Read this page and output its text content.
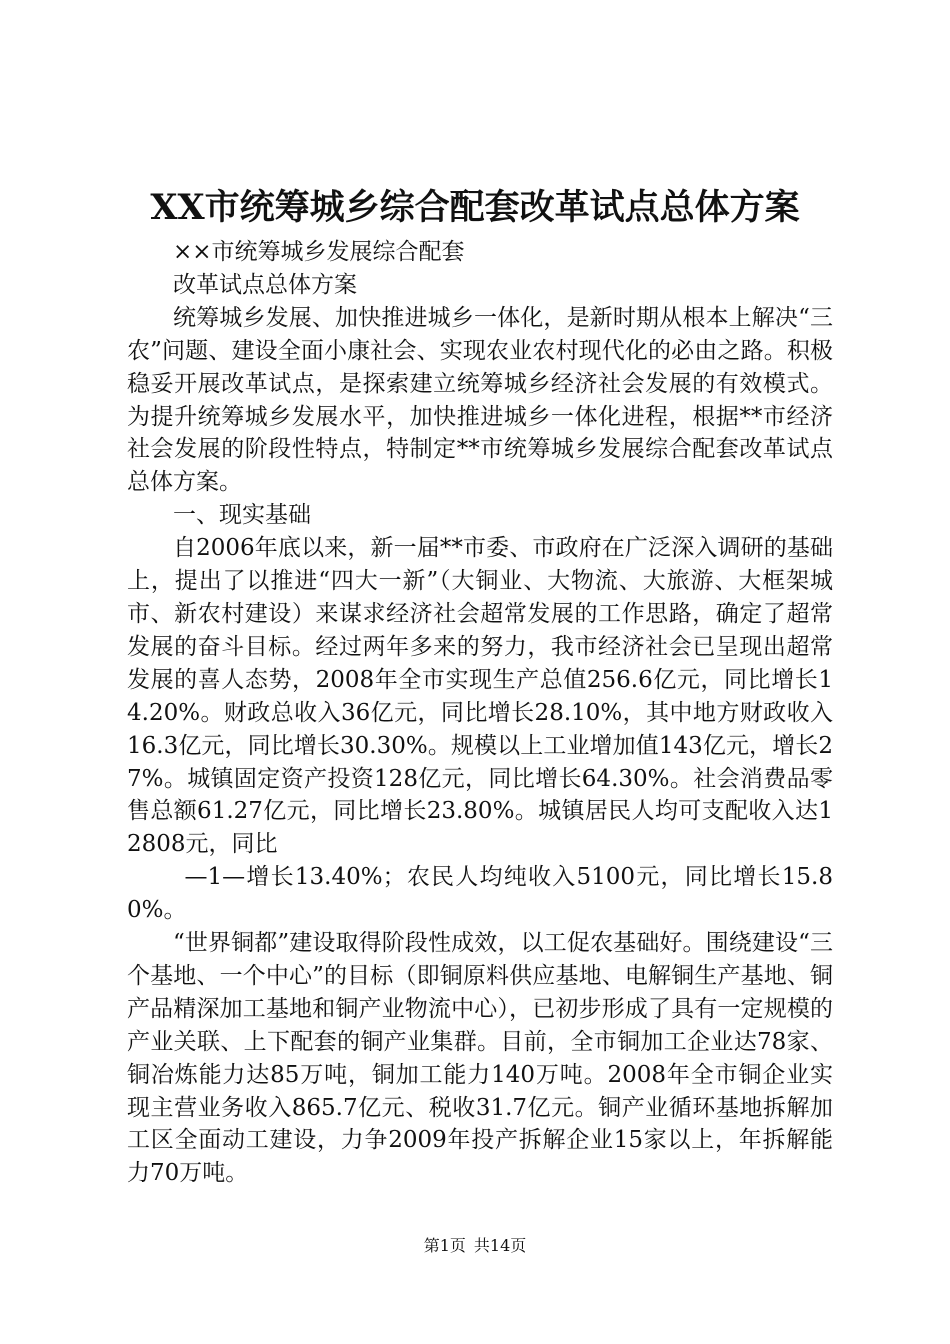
XX市统筹城乡综合配套改革试点总体方案

××市统筹城乡发展综合配套

改革试点总体方案

统筹城乡发展、加快推进城乡一体化，是新时期从根本上解决“三农”问题、建设全面小康社会、实现农业农村现代化的必由之路。积极稳妥开展改革试点，是探索建立统筹城乡经济社会发展的有效模式。为提升统筹城乡发展水平，加快推进城乡一体化进程，根据**市经济社会发展的阶段性特点，特制定**市统筹城乡发展综合配套改革试点总体方案。

一、现实基础

自2006年底以来，新一届**市委、市政府在广泛深入调研的基础上，提出了以推进“四大一新”（大铜业、大物流、大旅游、大框架城市、新农村建设）来谋求经济社会超常发展的工作思路，确定了超常发展的奋斗目标。经过两年多来的努力，我市经济社会已呈现出超常发展的喜人态势，2008年全市实现生产总值256.6亿元，同比增长14.20%。财政总收入36亿元，同比增长28.10%，其中地方财政收入16.3亿元，同比增长30.30%。规模以上工业增加值143亿元，增长27%。城镇固定资产投资128亿元，同比增长64.30%。社会消费品零售总额61.27亿元，同比增长23.80%。城镇居民人均可支配收入达12808元，同比

—1—增长13.40%；农民人均纯收入5100元，同比增长15.80%。

“世界铜都”建设取得阶段性成效，以工促农基础好。围绕建设“三个基地、一个中心”的目标（即铜原料供应基地、电解铜生产基地、铜产品精深加工基地和铜产业物流中心），已初步形成了具有一定规模的产业关联、上下配套的铜产业集群。目前，全市铜加工企业达78家、铜冶炼能力达85万吨，铜加工能力140万吨。2008年全市铜企业实现主营业务收入865.7亿元、税收31.7亿元。铜产业循环基地拆解加工区全面动工建设，力争2009年投产拆解企业15家以上，年拆解能力70万吨。

第1页 共14页
